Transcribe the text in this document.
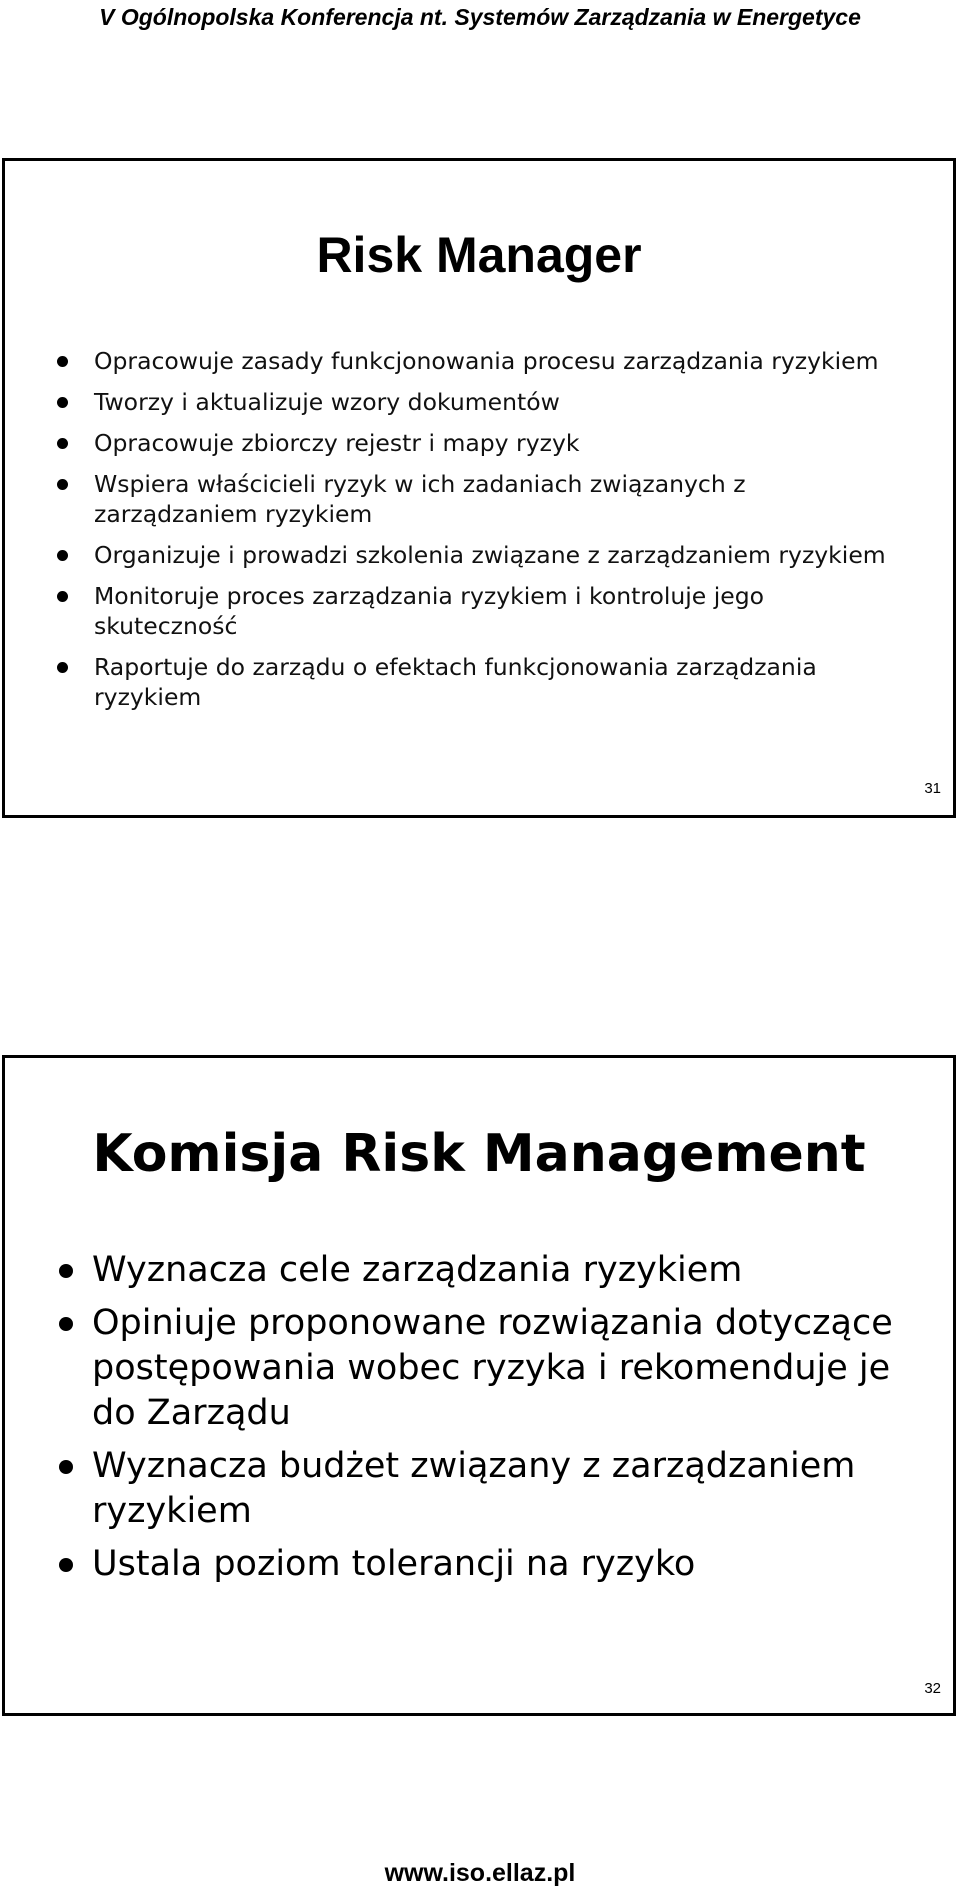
V Ogólnopolska Konferencja nt. Systemów Zarządzania w Energetyce
Risk Manager
Opracowuje zasady funkcjonowania procesu zarządzania ryzykiem
Tworzy i aktualizuje wzory dokumentów
Opracowuje zbiorczy rejestr i mapy ryzyk
Wspiera właścicieli ryzyk w ich zadaniach związanych z zarządzaniem ryzykiem
Organizuje i prowadzi szkolenia związane z zarządzaniem ryzykiem
Monitoruje proces zarządzania ryzykiem i kontroluje jego skuteczność
Raportuje do zarządu o efektach funkcjonowania zarządzania ryzykiem
31
Komisja Risk Management
Wyznacza cele zarządzania ryzykiem
Opiniuje proponowane rozwiązania dotyczące postępowania wobec ryzyka i rekomenduje je do Zarządu
Wyznacza budżet związany z zarządzaniem ryzykiem
Ustala poziom tolerancji na ryzyko
32
www.iso.ellaz.pl
